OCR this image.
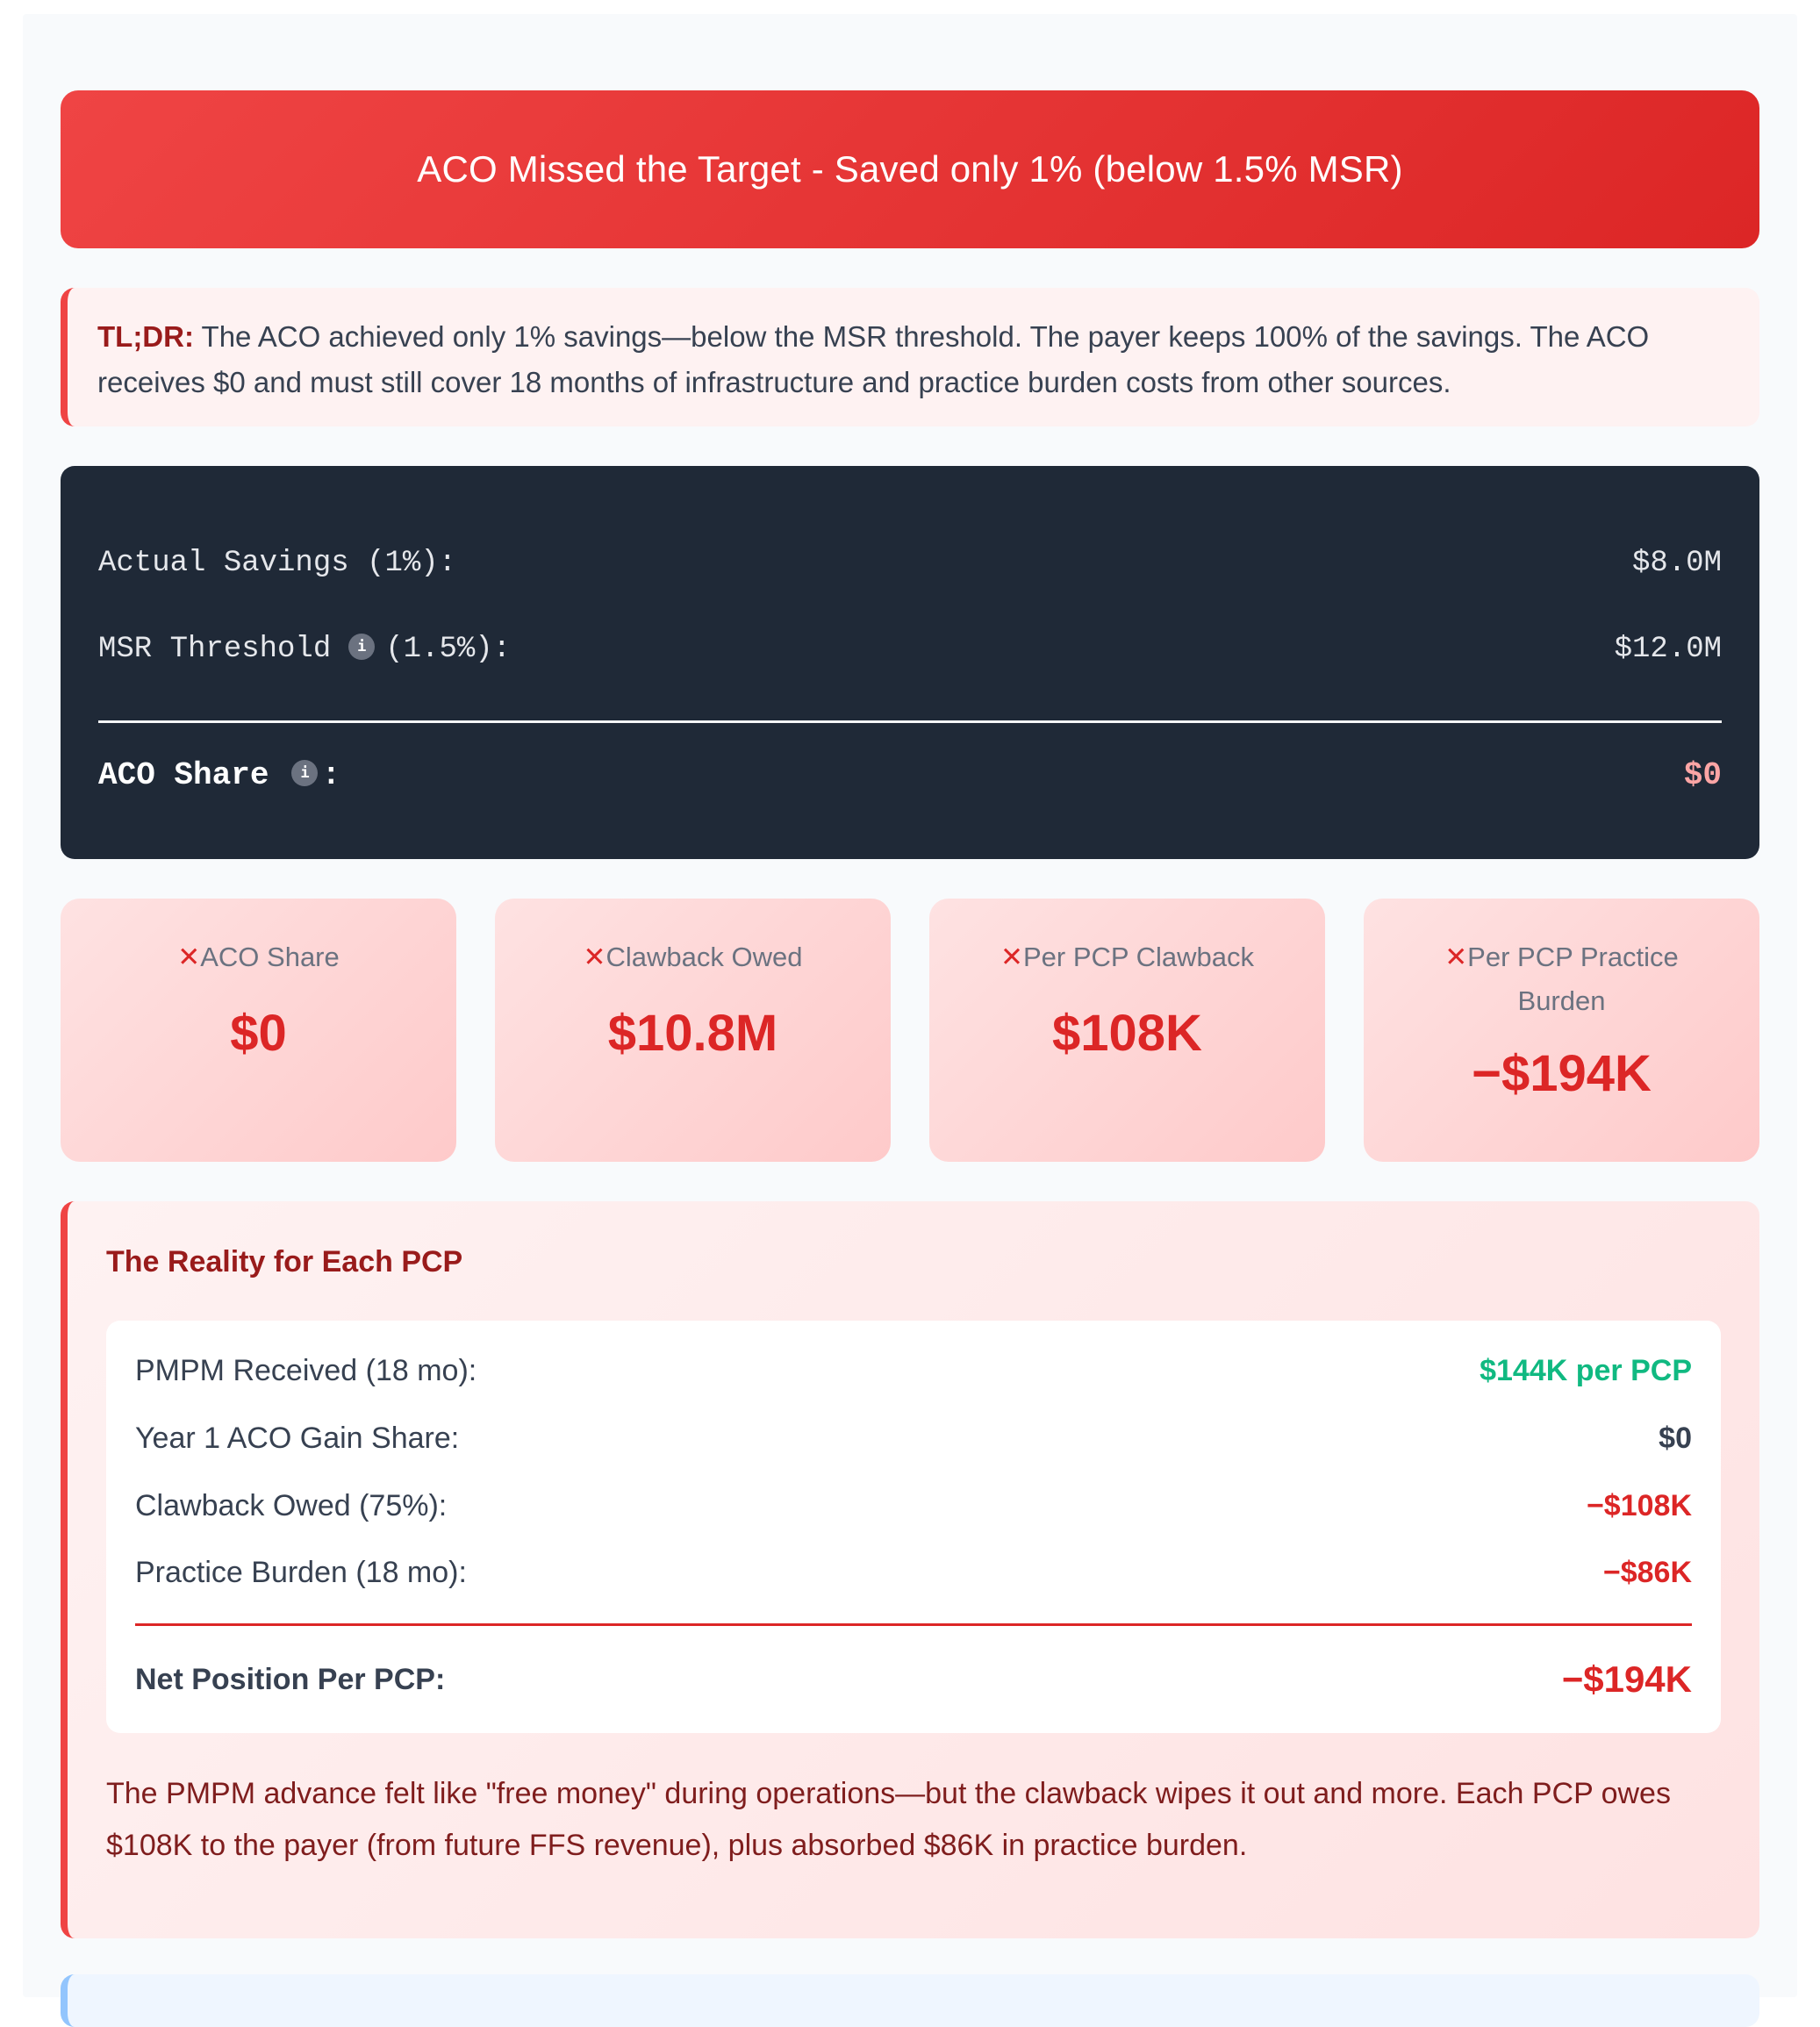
ACO Missed the Target - Saved only 1% (below 1.5% MSR)
TL;DR: The ACO achieved only 1% savings—below the MSR threshold. The payer keeps 100% of the savings. The ACO receives $0 and must still cover 18 months of infrastructure and practice burden costs from other sources.
Actual Savings (1%):	$8.0M
MSR Threshold i (1.5%):	$12.0M
ACO Share i :	$0
✕ACO Share
$0
✕Clawback Owed
$10.8M
✕Per PCP Clawback
$108K
✕Per PCP Practice Burden
−$194K
The Reality for Each PCP
PMPM Received (18 mo):	$144K per PCP
Year 1 ACO Gain Share:	$0
Clawback Owed (75%):	−$108K
Practice Burden (18 mo):	−$86K
Net Position Per PCP:	−$194K

The PMPM advance felt like "free money" during operations—but the clawback wipes it out and more. Each PCP owes $108K to the payer (from future FFS revenue), plus absorbed $86K in practice burden.
